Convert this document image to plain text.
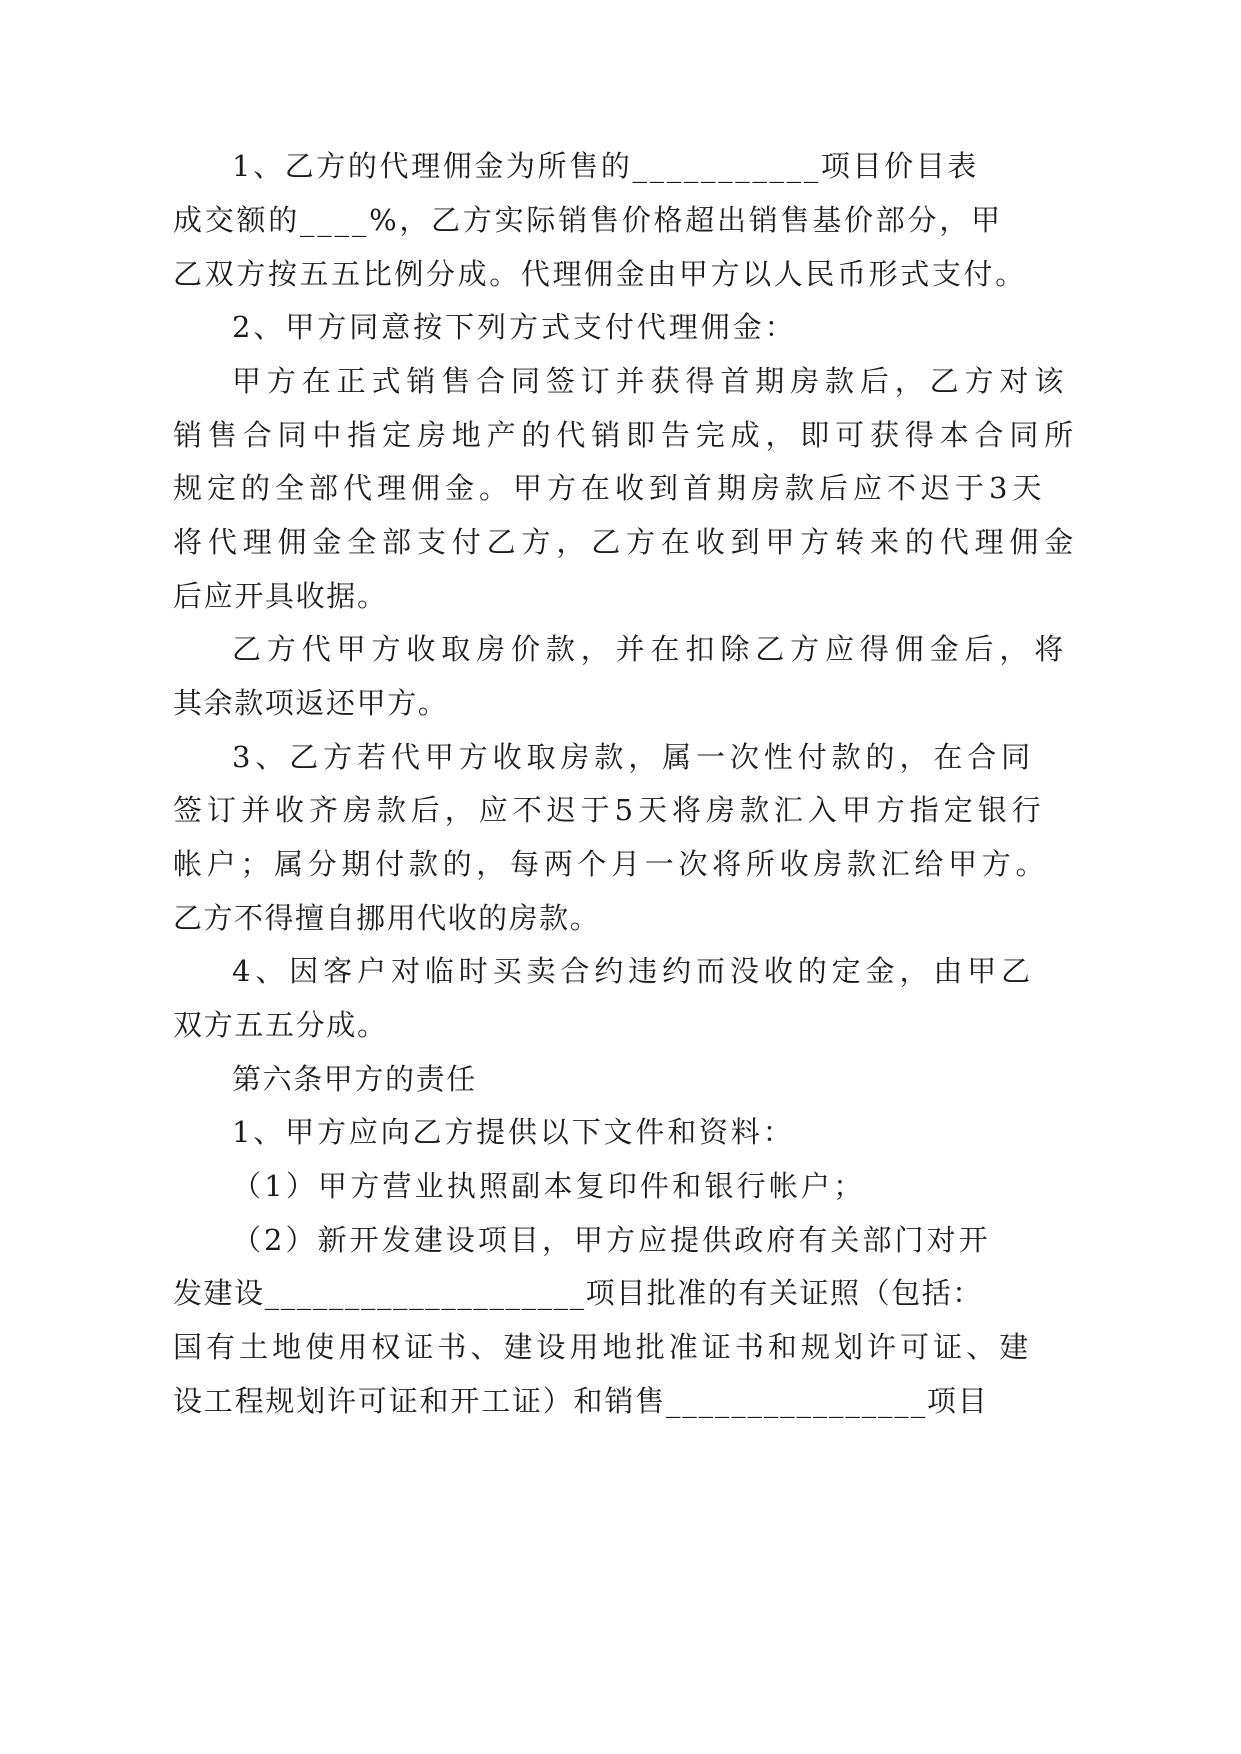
1、乙方的代理佣金为所售的___________项目价目表
成交额的____%，乙方实际销售价格超出销售基价部分，甲
乙双方按五五比例分成。代理佣金由甲方以人民币形式支付。
2、甲方同意按下列方式支付代理佣金：
甲方在正式销售合同签订并获得首期房款后，乙方对该
销售合同中指定房地产的代销即告完成，即可获得本合同所
规定的全部代理佣金。甲方在收到首期房款后应不迟于3天
将代理佣金全部支付乙方，乙方在收到甲方转来的代理佣金
后应开具收据。
乙方代甲方收取房价款，并在扣除乙方应得佣金后，将
其余款项返还甲方。
3、乙方若代甲方收取房款，属一次性付款的，在合同
签订并收齐房款后，应不迟于5天将房款汇入甲方指定银行
帐户；属分期付款的，每两个月一次将所收房款汇给甲方。
乙方不得擅自挪用代收的房款。
4、因客户对临时买卖合约违约而没收的定金，由甲乙
双方五五分成。
第六条甲方的责任
1、甲方应向乙方提供以下文件和资料：
（1）甲方营业执照副本复印件和银行帐户；
（2）新开发建设项目，甲方应提供政府有关部门对开
发建设____________________项目批准的有关证照（包括：
国有土地使用权证书、建设用地批准证书和规划许可证、建
设工程规划许可证和开工证）和销售________________项目
